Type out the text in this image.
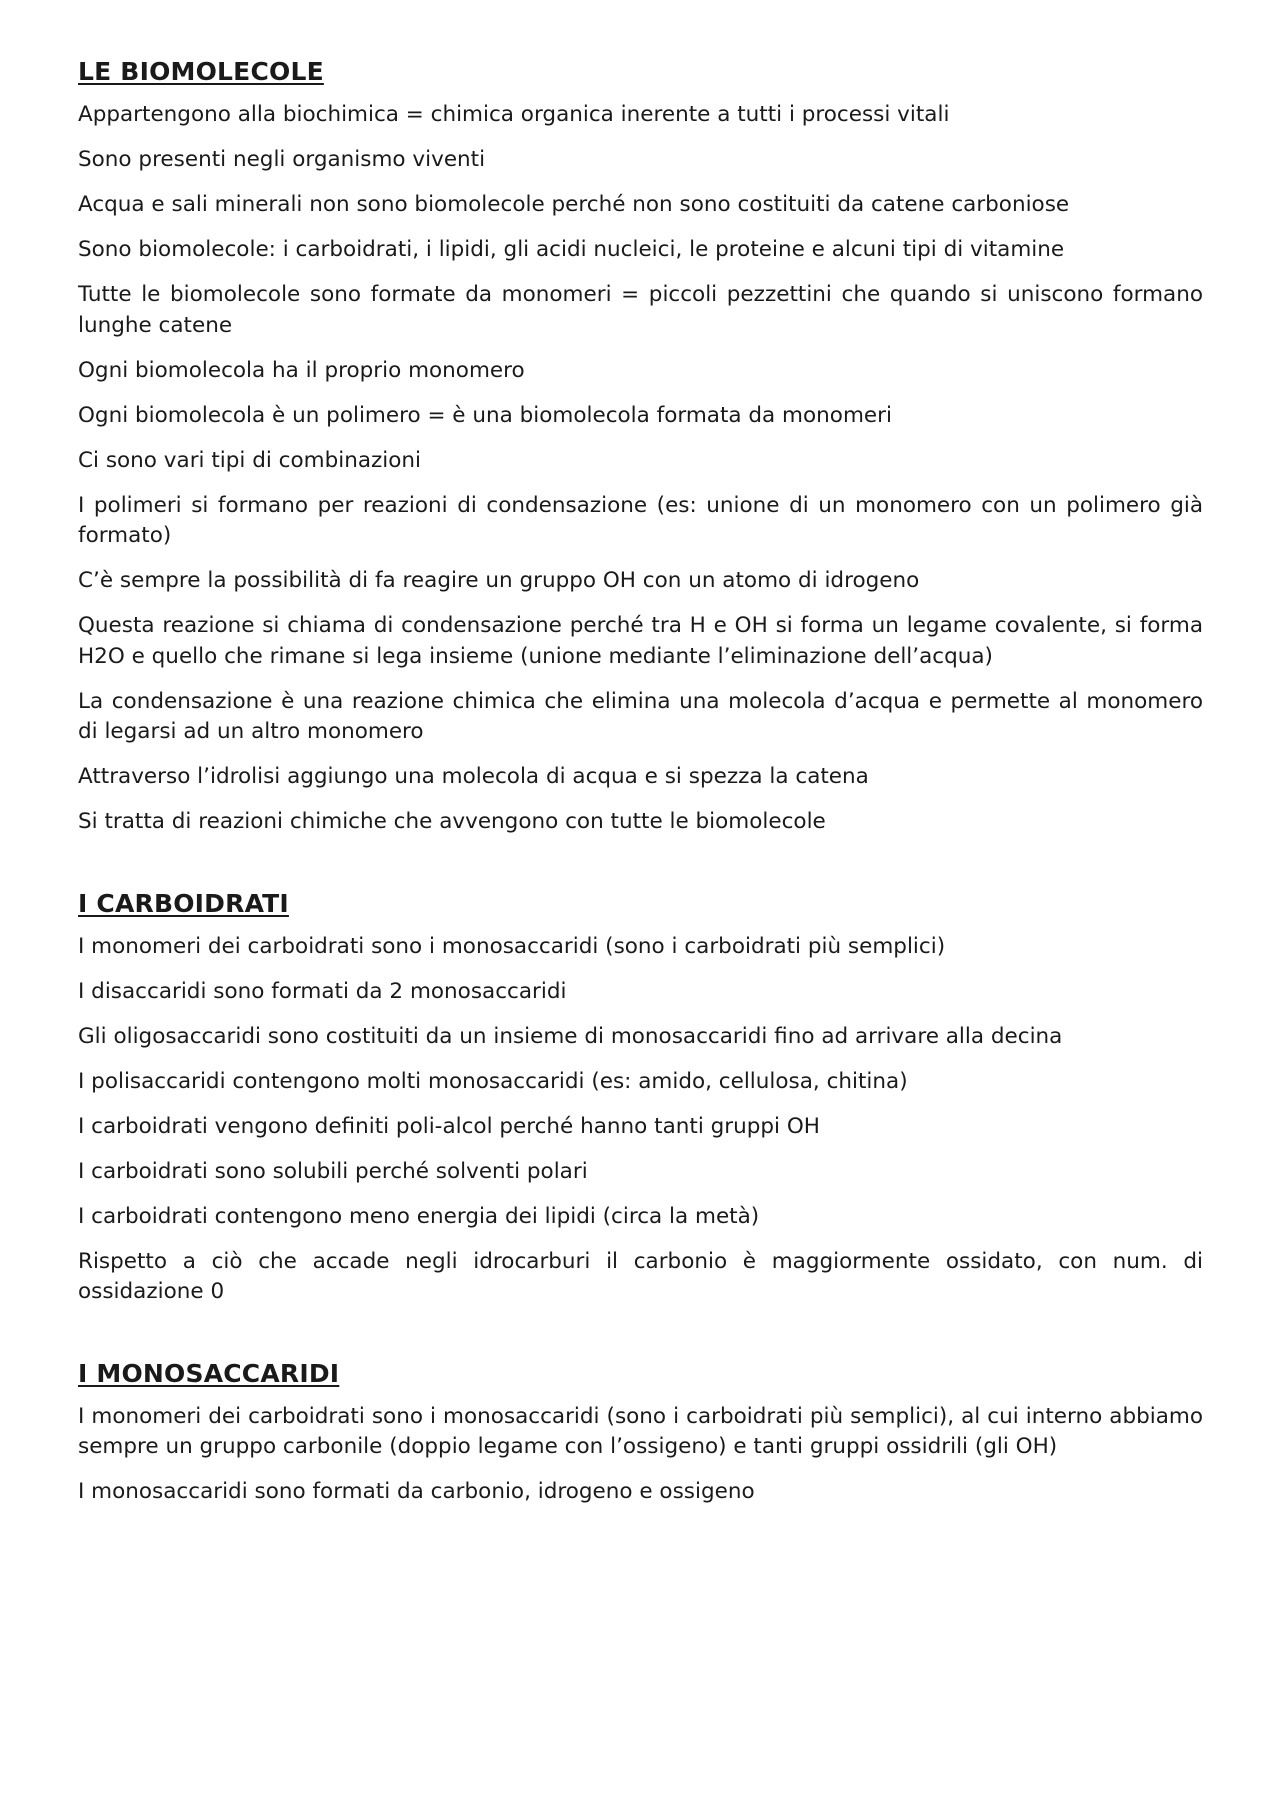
LE BIOMOLECOLE

Appartengono alla biochimica = chimica organica inerente a tutti i processi vitali

Sono presenti negli organismo viventi

Acqua e sali minerali non sono biomolecole perché non sono costituiti da catene carboniose

Sono biomolecole: i carboidrati, i lipidi, gli acidi nucleici, le proteine e alcuni tipi di vitamine

Tutte le biomolecole sono formate da monomeri = piccoli pezzettini che quando si uniscono formano lunghe catene

Ogni biomolecola ha il proprio monomero

Ogni biomolecola è un polimero = è una biomolecola formata da monomeri

Ci sono vari tipi di combinazioni

I polimeri si formano per reazioni di condensazione (es: unione di un monomero con un polimero già formato)

C’è sempre la possibilità di fa reagire un gruppo OH con un atomo di idrogeno

Questa reazione si chiama di condensazione perché tra H e OH si forma un legame covalente, si forma H2O e quello che rimane si lega insieme (unione mediante l’eliminazione dell’acqua)

La condensazione è una reazione chimica che elimina una molecola d’acqua e permette al monomero di legarsi ad un altro monomero

Attraverso l’idrolisi aggiungo una molecola di acqua e si spezza la catena

Si tratta di reazioni chimiche che avvengono con tutte le biomolecole

I CARBOIDRATI

I monomeri dei carboidrati sono i monosaccaridi (sono i carboidrati più semplici)

I disaccaridi sono formati da 2 monosaccaridi

Gli oligosaccaridi sono costituiti da un insieme di monosaccaridi fino ad arrivare alla decina

I polisaccaridi contengono molti monosaccaridi (es: amido, cellulosa, chitina)

I carboidrati vengono definiti poli-alcol perché hanno tanti gruppi OH

I carboidrati sono solubili perché solventi polari

I carboidrati contengono meno energia dei lipidi (circa la metà)

Rispetto a ciò che accade negli idrocarburi il carbonio è maggiormente ossidato, con num. di ossidazione 0

I MONOSACCARIDI

I monomeri dei carboidrati sono i monosaccaridi (sono i carboidrati più semplici), al cui interno abbiamo sempre un gruppo carbonile (doppio legame con l’ossigeno) e tanti gruppi ossidrili (gli OH)

I monosaccaridi sono formati da carbonio, idrogeno e ossigeno
